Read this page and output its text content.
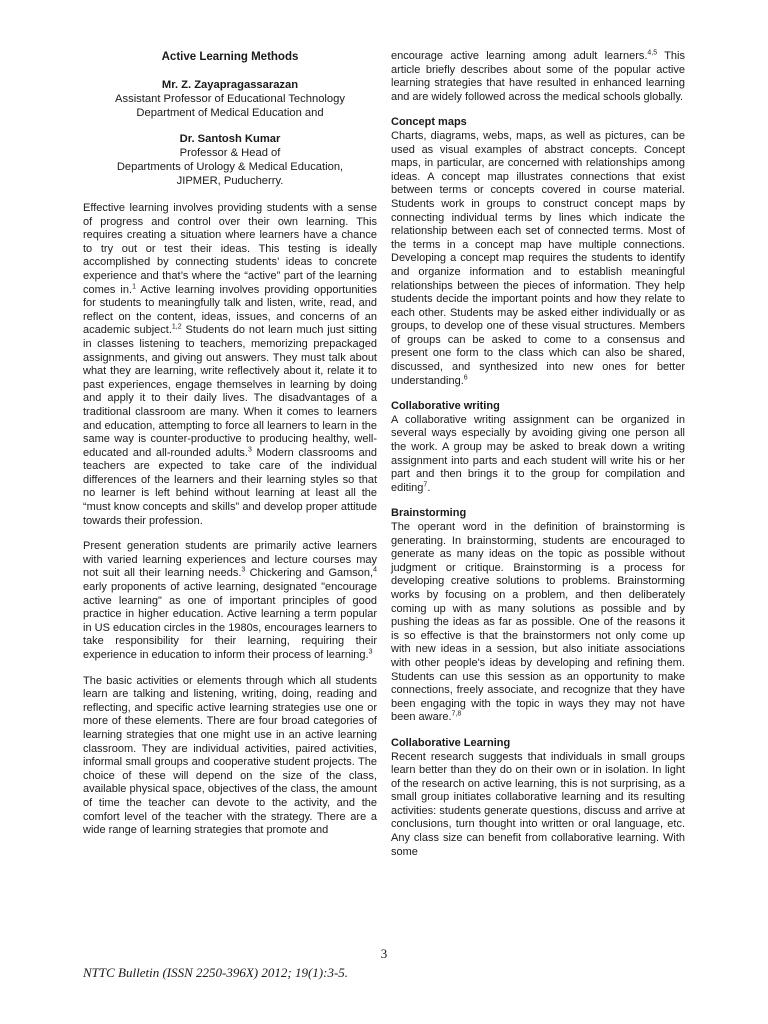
Active Learning Methods
Mr. Z. Zayapragassarazan
Assistant Professor of Educational Technology
Department of Medical Education and
Dr. Santosh Kumar
Professor & Head of
Departments of Urology & Medical Education,
JIPMER, Puducherry.

Effective learning involves providing students with a sense of progress and control over their own learning. This requires creating a situation where learners have a chance to try out or test their ideas. This testing is ideally accomplished by connecting students’ ideas to concrete experience and that’s where the “active” part of the learning comes in.$^1$ Active learning involves providing opportunities for students to meaningfully talk and listen, write, read, and reflect on the content, ideas, issues, and concerns of an academic subject.$^{1,2}$ Students do not learn much just sitting in classes listening to teachers, memorizing prepackaged assignments, and giving out answers. They must talk about what they are learning, write reflectively about it, relate it to past experiences, engage themselves in learning by doing and apply it to their daily lives. The disadvantages of a traditional classroom are many. When it comes to learners and education, attempting to force all learners to learn in the same way is counter-productive to producing healthy, well-educated and all-rounded adults.$^3$ Modern classrooms and teachers are expected to take care of the individual differences of the learners and their learning styles so that no learner is left behind without learning at least all the “must know concepts and skills” and develop proper attitude towards their profession.

Present generation students are primarily active learners with varied learning experiences and lecture courses may not suit all their learning needs.$^3$ Chickering and Gamson,$^4$ early proponents of active learning, designated "encourage active learning" as one of important principles of good practice in higher education. Active learning a term popular in US education circles in the 1980s, encourages learners to take responsibility for their learning, requiring their experience in education to inform their process of learning.$^3$

The basic activities or elements through which all students learn are talking and listening, writing, doing, reading and reflecting, and specific active learning strategies use one or more of these elements. There are four broad categories of learning strategies that one might use in an active learning classroom. They are individual activities, paired activities, informal small groups and cooperative student projects. The choice of these will depend on the size of the class, available physical space, objectives of the class, the amount of time the teacher can devote to the activity, and the comfort level of the teacher with the strategy. There are a wide range of learning strategies that promote and

encourage active learning among adult learners.$^{4,5}$ This article briefly describes about some of the popular active learning strategies that have resulted in enhanced learning and are widely followed across the medical schools globally.

Concept maps

Charts, diagrams, webs, maps, as well as pictures, can be used as visual examples of abstract concepts. Concept maps, in particular, are concerned with relationships among ideas. A concept map illustrates connections that exist between terms or concepts covered in course material. Students work in groups to construct concept maps by connecting individual terms by lines which indicate the relationship between each set of connected terms. Most of the terms in a concept map have multiple connections. Developing a concept map requires the students to identify and organize information and to establish meaningful relationships between the pieces of information. They help students decide the important points and how they relate to each other. Students may be asked either individually or as groups, to develop one of these visual structures. Members of groups can be asked to come to a consensus and present one form to the class which can also be shared, discussed, and synthesized into new ones for better understanding.$^6$

Collaborative writing

A collaborative writing assignment can be organized in several ways especially by avoiding giving one person all the work. A group may be asked to break down a writing assignment into parts and each student will write his or her part and then brings it to the group for compilation and editing$^7$.

Brainstorming

The operant word in the definition of brainstorming is generating. In brainstorming, students are encouraged to generate as many ideas on the topic as possible without judgment or critique. Brainstorming is a process for developing creative solutions to problems. Brainstorming works by focusing on a problem, and then deliberately coming up with as many solutions as possible and by pushing the ideas as far as possible. One of the reasons it is so effective is that the brainstormers not only come up with new ideas in a session, but also initiate associations with other people's ideas by developing and refining them. Students can use this session as an opportunity to make connections, freely associate, and recognize that they have been engaging with the topic in ways they may not have been aware.$^{7,8}$

Collaborative Learning

Recent research suggests that individuals in small groups learn better than they do on their own or in isolation. In light of the research on active learning, this is not surprising, as a small group initiates collaborative learning and its resulting activities: students generate questions, discuss and arrive at conclusions, turn thought into written or oral language, etc. Any class size can benefit from collaborative learning. With some

3
NTTC Bulletin (ISSN 2250-396X) 2012; 19(1):3-5.
